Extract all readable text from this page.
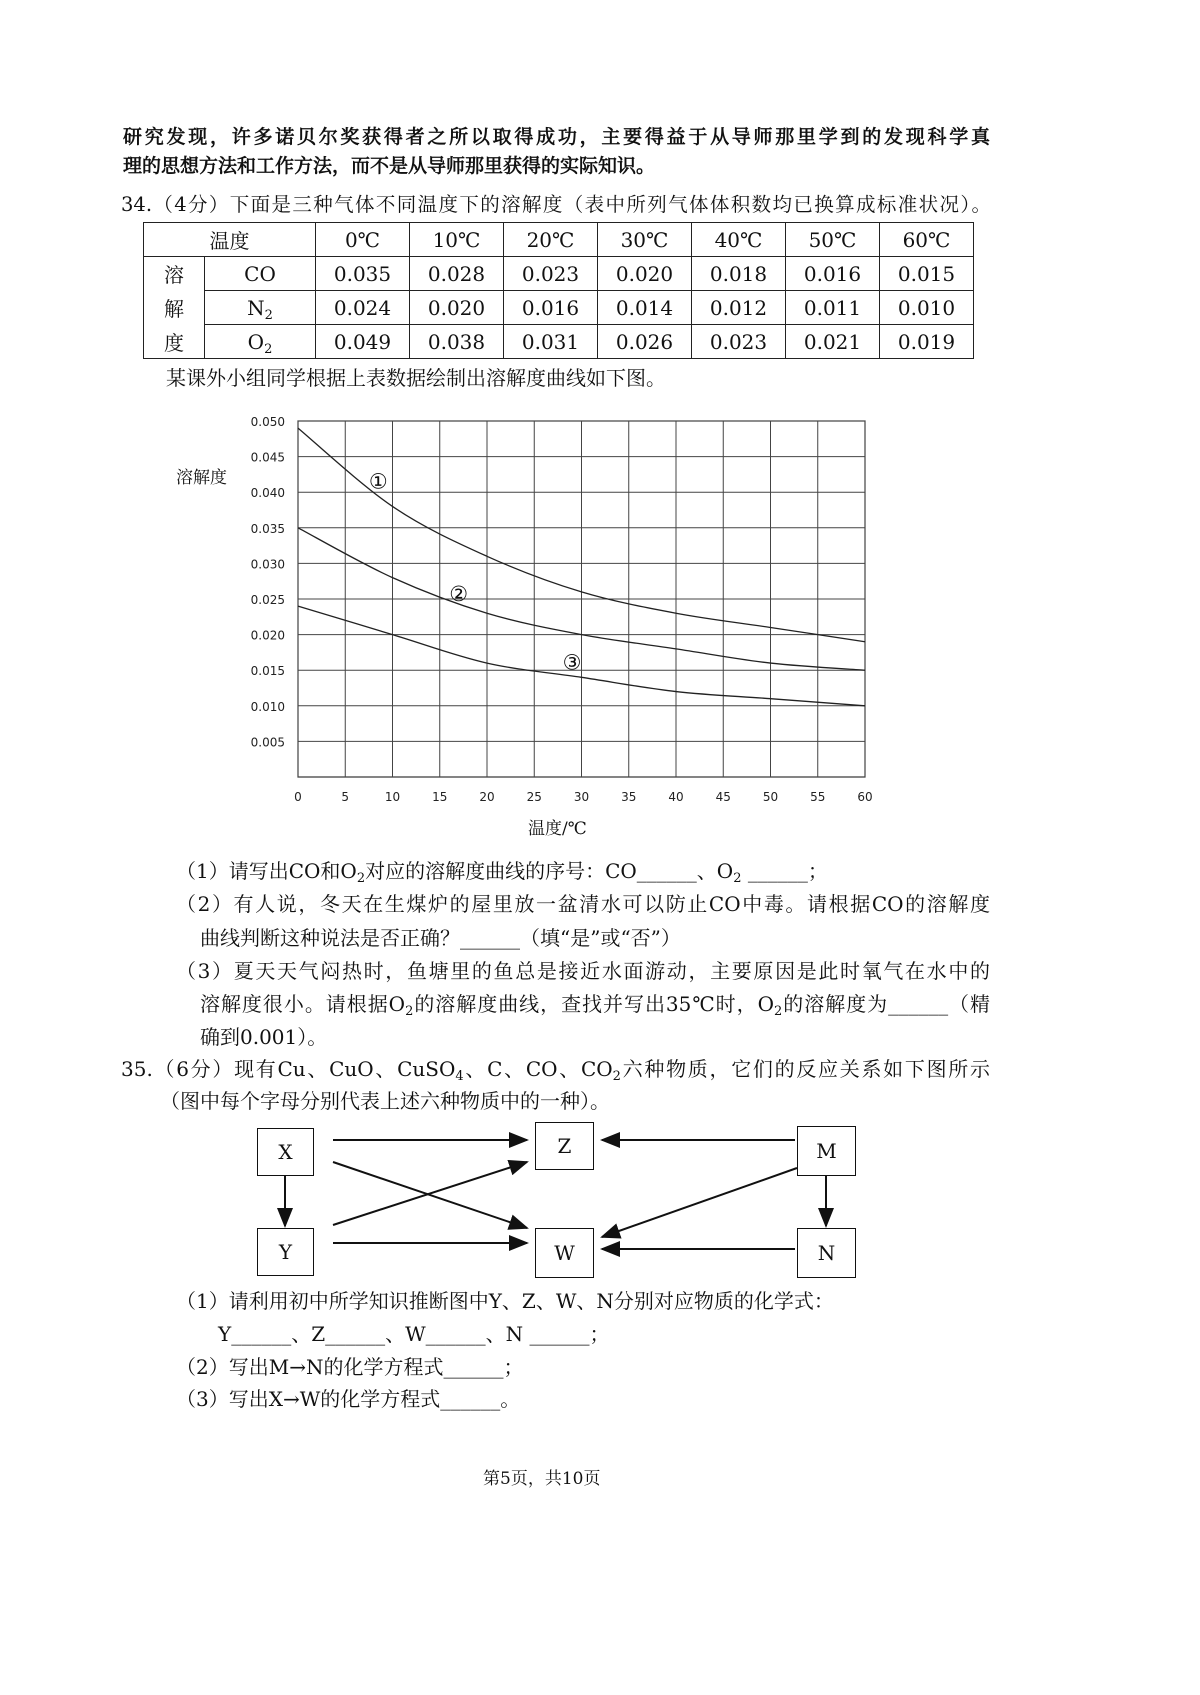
研究发现，许多诺贝尔奖获得者之所以取得成功，主要得益于从导师那里学到的发现科学真
理的思想方法和工作方法，而不是从导师那里获得的实际知识。
34.（4分）下面是三种气体不同温度下的溶解度（表中所列气体体积数均已换算成标准状况）。
温度		0℃	10℃	20℃	30℃	40℃	50℃	60℃
溶	CO	0.035	0.028	0.023	0.020	0.018	0.016	0.015
解	$N_2$	0.024	0.020	0.016	0.014	0.012	0.011	0.010
度	$O_2$	0.049	0.038	0.031	0.026	0.023	0.021	0.019
某课外小组同学根据上表数据绘制出溶解度曲线如下图。
0	5	10	15	20	25	30	35	40	45	50	55	60
0.005
0.010
0.015
0.020
0.025
0.030
0.035
0.040
0.045
0.050
①
②
③
溶解度
温度/℃
（1）请写出CO和$O_2$对应的溶解度曲线的序号：CO______、$O_2$ ______；
（2）有人说，冬天在生煤炉的屋里放一盆清水可以防止CO中毒。请根据CO的溶解度
曲线判断这种说法是否正确？______（填“是”或“否”）
（3）夏天天气闷热时，鱼塘里的鱼总是接近水面游动，主要原因是此时氧气在水中的
溶解度很小。请根据$O_2$的溶解度曲线，查找并写出35℃时，$O_2$的溶解度为______（精
确到0.001）。
35.（6分）现有Cu、CuO、CuSO$_4$、C、CO、$CO_2$六种物质，它们的反应关系如下图所示
（图中每个字母分别代表上述六种物质中的一种）。
X	Z	M
Y	W	N
（1）请利用初中所学知识推断图中Y、Z、W、N分别对应物质的化学式：
Y______、Z______、W______、N ______；
（2）写出M→N的化学方程式______；
（3）写出X→W的化学方程式______。
第5页，共10页
